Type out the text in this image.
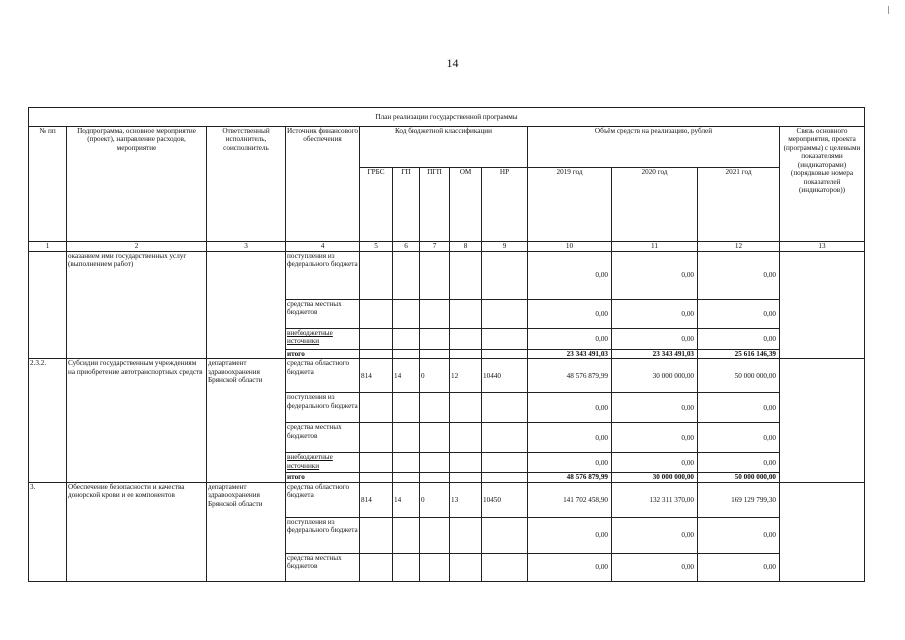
14
План реализации государственной программы												
№ пп	Подпрограмма, основное мероприятие (проект), направление расходов, мероприятие	Ответственный исполнитель, соисполнитель	Источник финансового обеспечения	Код бюджетной классификации					Объём средств на реализацию, рублей			Связь основного мероприятия, проекта (программы) с целевыми показателями (индикаторами) (порядковые номера показателей (индикаторов))
				ГРБС	ГП	ПГП	ОМ	НР	2019 год	2020 год	2021 год	
1	2	3	4	5	6	7	8	9	10	11	12	13
	оказанием ими государственных услуг (выполнением работ)		поступления из федерального бюджета						0,00	0,00	0,00	
			средства местных бюджетов						0,00	0,00	0,00	
			внебюджетные источники						0,00	0,00	0,00	
			итого						23 343 491,03	23 343 491,03	25 616 146,39	
2.3.2.	Субсидии государственным учреждениям на приобретение автотранспортных средств	департамент здравоохранения Брянской области	средства областного бюджета	814	14	0	12	10440	48 576 879,99	30 000 000,00	50 000 000,00	
			поступления из федерального бюджета						0,00	0,00	0,00	
			средства местных бюджетов						0,00	0,00	0,00	
			внебюджетные источники						0,00	0,00	0,00	
			итого						48 576 879,99	30 000 000,00	50 000 000,00	
3.	Обеспечение безопасности и качества донорской крови и ее компонентов	департамент здравоохранения Брянской области	средства областного бюджета	814	14	0	13	10450	141 702 458,90	132 311 370,00	169 129 799,30	
			поступления из федерального бюджета						0,00	0,00	0,00	
			средства местных бюджетов						0,00	0,00	0,00	
